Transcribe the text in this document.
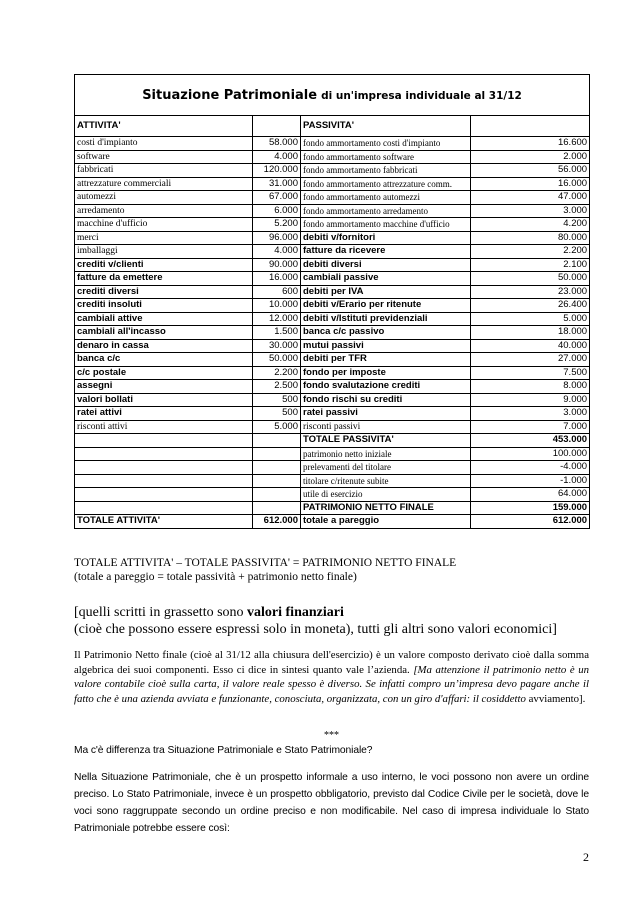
Situazione Patrimoniale di un'impresa individuale al 31/12			
ATTIVITA'		PASSIVITA'	
costi d'impianto	58.000	fondo ammortamento costi d'impianto	16.600
software	4.000	fondo ammortamento software	2.000
fabbricati	120.000	fondo ammortamento fabbricati	56.000
attrezzature commerciali	31.000	fondo ammortamento attrezzature comm.	16.000
automezzi	67.000	fondo ammortamento automezzi	47.000
arredamento	6.000	fondo ammortamento arredamento	3.000
macchine d'ufficio	5.200	fondo ammortamento macchine d'ufficio	4.200
merci	96.000	debiti v/fornitori	80.000
imballaggi	4.000	fatture da ricevere	2.200
crediti v/clienti	90.000	debiti diversi	2.100
fatture da emettere	16.000	cambiali passive	50.000
crediti diversi	600	debiti per IVA	23.000
crediti insoluti	10.000	debiti v/Erario per ritenute	26.400
cambiali attive	12.000	debiti v/Istituti previdenziali	5.000
cambiali all'incasso	1.500	banca c/c passivo	18.000
denaro in cassa	30.000	mutui passivi	40.000
banca c/c	50.000	debiti per TFR	27.000
c/c postale	2.200	fondo per imposte	7.500
assegni	2.500	fondo svalutazione crediti	8.000
valori bollati	500	fondo rischi su crediti	9.000
ratei attivi	500	ratei passivi	3.000
risconti attivi	5.000	risconti passivi	7.000
		TOTALE PASSIVITA'	453.000
		patrimonio netto iniziale	100.000
		prelevamenti del titolare	-4.000
		titolare c/ritenute subite	-1.000
		utile di esercizio	64.000
		PATRIMONIO NETTO FINALE	159.000
TOTALE ATTIVITA'	612.000	totale a pareggio	612.000

TOTALE ATTIVITA' – TOTALE PASSIVITA' = PATRIMONIO NETTO FINALE

(totale a pareggio = totale passività + patrimonio netto finale)

[quelli scritti in grassetto sono valori finanziari

(cioè che possono essere espressi solo in moneta), tutti gli altri sono valori economici]

Il Patrimonio Netto finale (cioè al 31/12 alla chiusura dell'esercizio) è un valore composto derivato cioè dalla somma algebrica dei suoi componenti. Esso ci dice in sintesi quanto vale l’azienda. [Ma attenzione il patrimonio netto è un valore contabile cioè sulla carta, il valore reale spesso è diverso. Se infatti compro un’impresa devo pagare anche il fatto che è una azienda avviata e funzionante, conosciuta, organizzata, con un giro d'affari: il cosiddetto avviamento].

***

Ma c'è differenza tra Situazione Patrimoniale e Stato Patrimoniale?

Nella Situazione Patrimoniale, che è un prospetto informale a uso interno, le voci possono non avere un ordine preciso. Lo Stato Patrimoniale, invece è un prospetto obbligatorio, previsto dal Codice Civile per le società, dove le voci sono raggruppate secondo un ordine preciso e non modificabile. Nel caso di impresa individuale lo Stato Patrimoniale potrebbe essere così:

2
